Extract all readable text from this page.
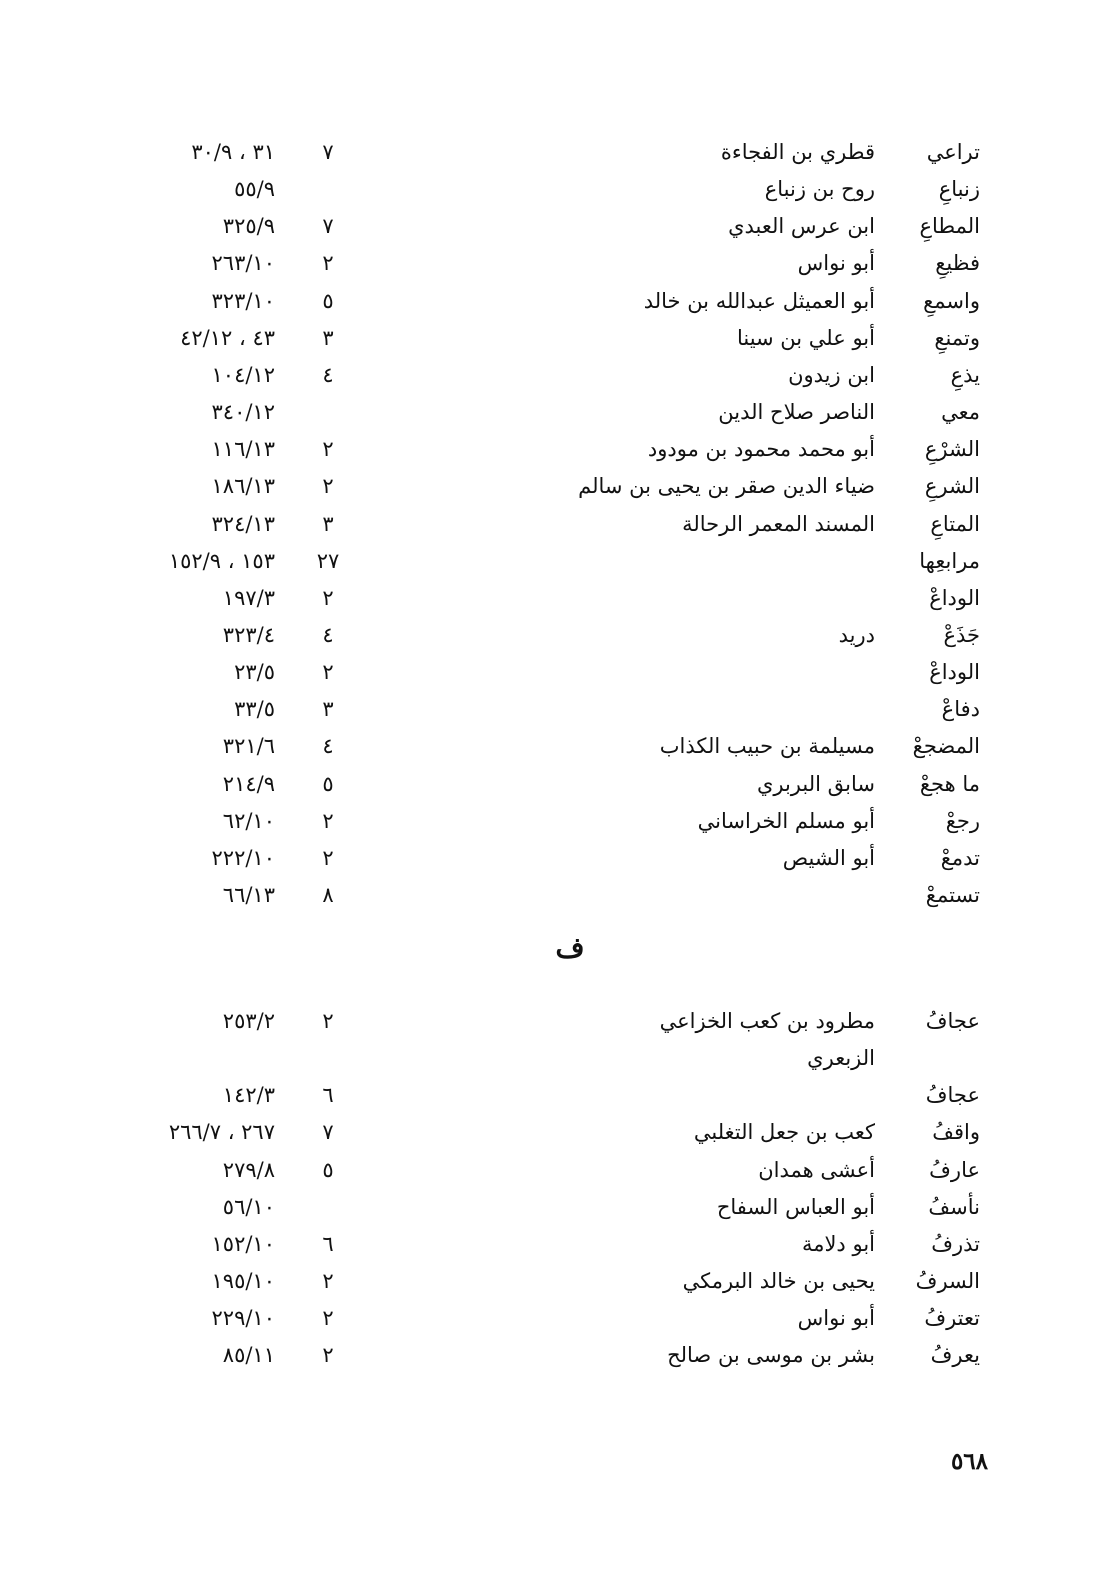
تراعي
قطري بن الفجاءة
٧
٣١ ، ٣٠/٩
زنباعِ
روح بن زنباع
٥٥/٩
المطاعِ
ابن عرس العبدي
٧
٣٢٥/٩
فظيعِ
أبو نواس
٢
٢٦٣/١٠
واسمعِ
أبو العميثل عبدالله بن خالد
٥
٣٢٣/١٠
وتمنعِ
أبو علي بن سينا
٣
٤٣ ، ٤٢/١٢
يذعِ
ابن زيدون
٤
١٠٤/١٢
معي
الناصر صلاح الدين
٣٤٠/١٢
الشرْعِ
أبو محمد محمود بن مودود
٢
١١٦/١٣
الشرعِ
ضياء الدين صقر بن يحيى بن سالم
٢
١٨٦/١٣
المتاعِ
المسند المعمر الرحالة
٣
٣٢٤/١٣
مرابعِها
٢٧
١٥٣ ، ١٥٢/٩
الوداعْ
٢
١٩٧/٣
جَذَعْ
دريد
٤
٣٢٣/٤
الوداعْ
٢
٢٣/٥
دفاعْ
٣
٣٣/٥
المضجعْ
مسيلمة بن حبيب الكذاب
٤
٣٢١/٦
ما هجعْ
سابق البربري
٥
٢١٤/٩
رجعْ
أبو مسلم الخراساني
٢
٦٢/١٠
تدمعْ
أبو الشيص
٢
٢٢٢/١٠
تستمعْ
٨
٦٦/١٣
ف
عجافُ
مطرود بن كعب الخزاعي
٢
٢٥٣/٢
الزبعري
عجافُ
٦
١٤٢/٣
واقفُ
كعب بن جعل التغلبي
٧
٢٦٧ ، ٢٦٦/٧
عارفُ
أعشى همدان
٥
٢٧٩/٨
نأسفُ
أبو العباس السفاح
٥٦/١٠
تذرفُ
أبو دلامة
٦
١٥٢/١٠
السرفُ
يحيى بن خالد البرمكي
٢
١٩٥/١٠
تعترفُ
أبو نواس
٢
٢٢٩/١٠
يعرفُ
بشر بن موسى بن صالح
٢
٨٥/١١
٥٦٨
